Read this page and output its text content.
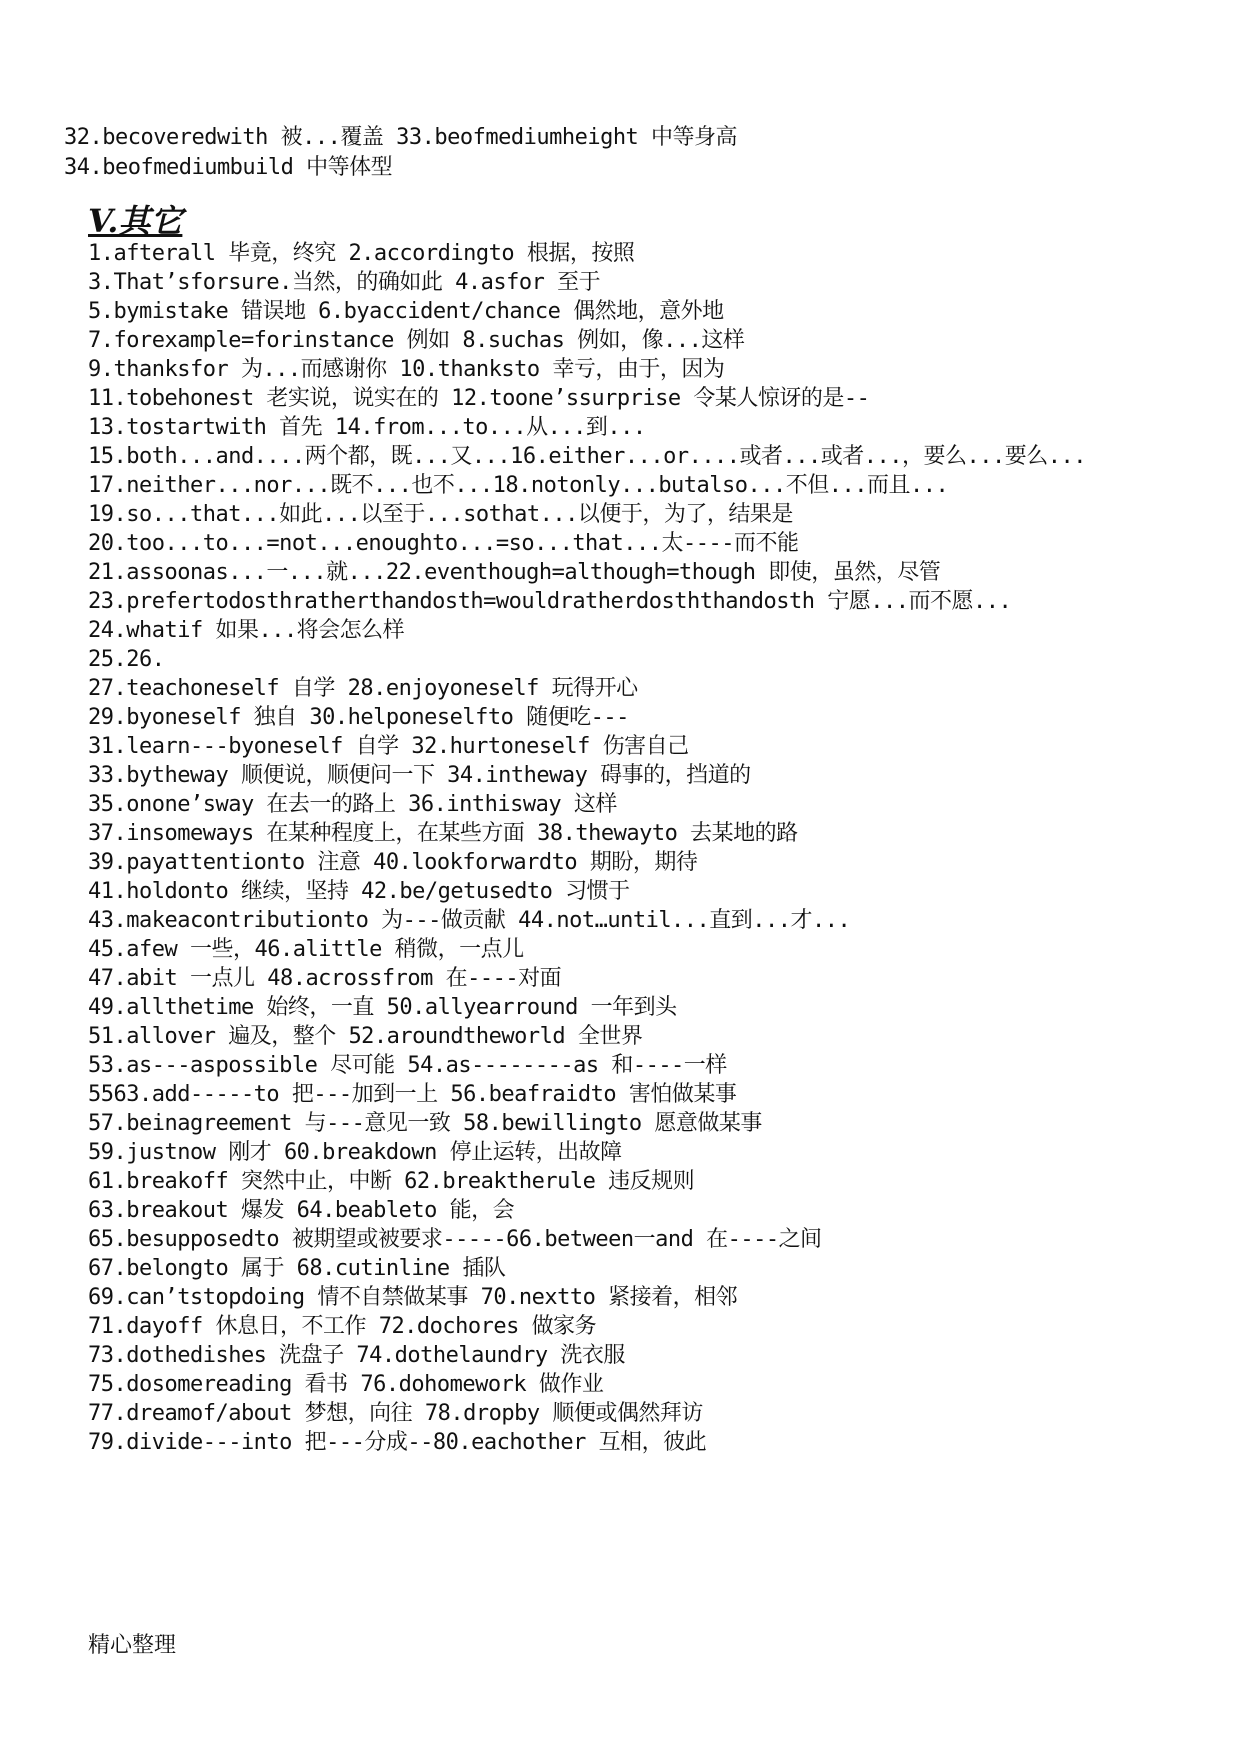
32.becoveredwith 被...覆盖 33.beofmediumheight 中等身高
34.beofmediumbuild 中等体型
V.其它
1.afterall 毕竟，终究 2.accordingto 根据，按照
3.That’sforsure.当然，的确如此 4.asfor 至于
5.bymistake 错误地 6.byaccident/chance 偶然地，意外地
7.forexample=forinstance 例如 8.suchas 例如，像...这样
9.thanksfor 为...而感谢你 10.thanksto 幸亏，由于，因为
11.tobehonest 老实说，说实在的 12.toone’ssurprise 令某人惊讶的是--
13.tostartwith 首先 14.from...to...从...到...
15.both...and....两个都，既...又...16.either...or....或者...或者...，要么...要么...
17.neither...nor...既不...也不...18.notonly...butalso...不但...而且...
19.so...that...如此...以至于...sothat...以便于，为了，结果是
20.too...to...=not...enoughto...=so...that...太----而不能
21.assoonas...一...就...22.eventhough=although=though 即使，虽然，尽管
23.prefertodosthratherthandosth=wouldratherdosththandosth 宁愿...而不愿...
24.whatif 如果...将会怎么样
25.26.
27.teachoneself 自学 28.enjoyoneself 玩得开心
29.byoneself 独自 30.helponeselfto 随便吃---
31.learn---byoneself 自学 32.hurtoneself 伤害自己
33.bytheway 顺便说，顺便问一下 34.intheway 碍事的，挡道的
35.onone’sway 在去一的路上 36.inthisway 这样
37.insomeways 在某种程度上，在某些方面 38.thewayto 去某地的路
39.payattentionto 注意 40.lookforwardto 期盼，期待
41.holdonto 继续，坚持 42.be/getusedto 习惯于
43.makeacontributionto 为---做贡献 44.not…until...直到...才...
45.afew 一些，46.alittle 稍微，一点儿
47.abit 一点儿 48.acrossfrom 在----对面
49.allthetime 始终，一直 50.allyearround 一年到头
51.allover 遍及，整个 52.aroundtheworld 全世界
53.as---aspossible 尽可能 54.as--------as 和----一样
5563.add-----to 把---加到一上 56.beafraidto 害怕做某事
57.beinagreement 与---意见一致 58.bewillingto 愿意做某事
59.justnow 刚才 60.breakdown 停止运转，出故障
61.breakoff 突然中止，中断 62.breaktherule 违反规则
63.breakout 爆发 64.beableto 能，会
65.besupposedto 被期望或被要求-----66.between一and 在----之间
67.belongto 属于 68.cutinline 插队
69.can’tstopdoing 情不自禁做某事 70.nextto 紧接着，相邻
71.dayoff 休息日，不工作 72.dochores 做家务
73.dothedishes 洗盘子 74.dothelaundry 洗衣服
75.dosomereading 看书 76.dohomework 做作业
77.dreamof/about 梦想，向往 78.dropby 顺便或偶然拜访
79.divide---into 把---分成--80.eachother 互相，彼此
精心整理
